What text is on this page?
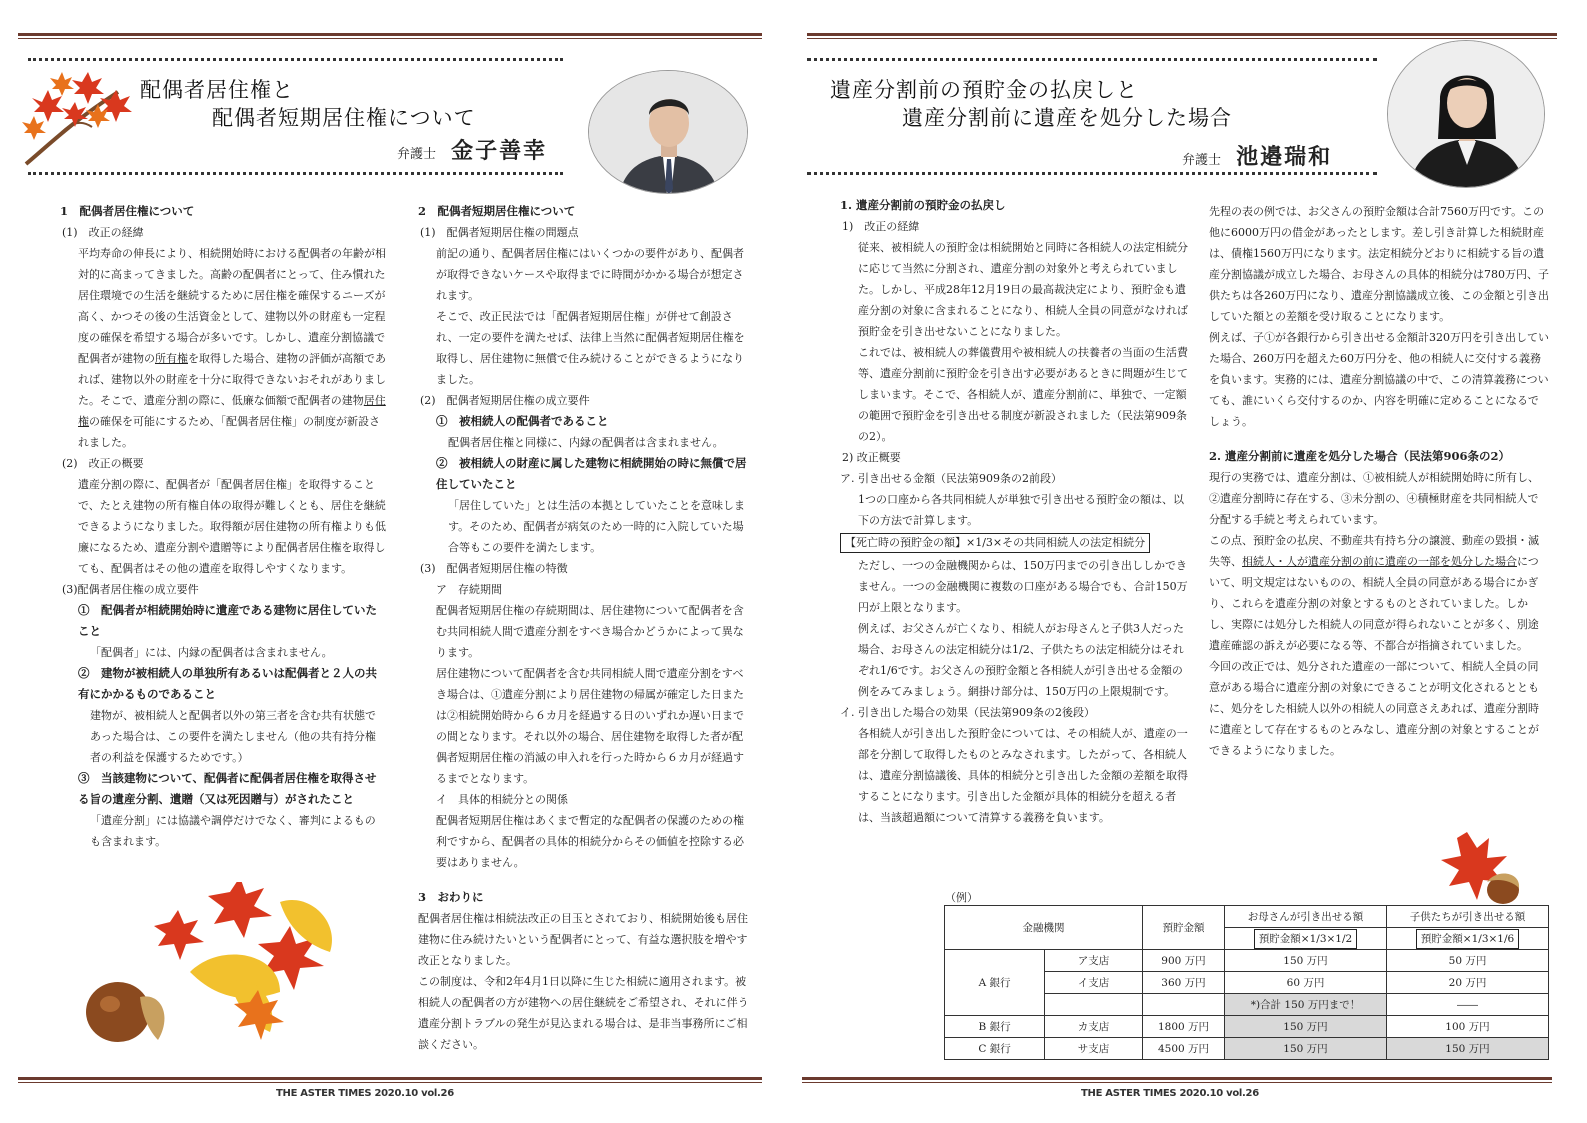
配偶者居住権と
配偶者短期居住権について
弁護士 金子善幸

1　配偶者居住権について

(1)　改正の経緯

平均寿命の伸長により、相続開始時における配偶者の年齢が相対的に高まってきました。高齢の配偶者にとって、住み慣れた居住環境での生活を継続するために居住権を確保するニーズが高く、かつその後の生活資金として、建物以外の財産も一定程度の確保を希望する場合が多いです。しかし、遺産分割協議で配偶者が建物の所有権を取得した場合、建物の評価が高額であれば、建物以外の財産を十分に取得できないおそれがありました。そこで、遺産分割の際に、低廉な価額で配偶者の建物居住権の確保を可能にするため、「配偶者居住権」の制度が新設されました。

(2)　改正の概要

遺産分割の際に、配偶者が「配偶者居住権」を取得することで、たとえ建物の所有権自体の取得が難しくとも、居住を継続できるようになりました。取得額が居住建物の所有権よりも低廉になるため、遺産分割や遺贈等により配偶者居住権を取得しても、配偶者はその他の遺産を取得しやすくなります。

(3)配偶者居住権の成立要件

①　配偶者が相続開始時に遺産である建物に居住していたこと

「配偶者」には、内縁の配偶者は含まれません。

②　建物が被相続人の単独所有あるいは配偶者と２人の共有にかかるものであること

建物が、被相続人と配偶者以外の第三者を含む共有状態であった場合は、この要件を満たしません（他の共有持分権者の利益を保護するためです。）

③　当該建物について、配偶者に配偶者居住権を取得させる旨の遺産分割、遺贈（又は死因贈与）がされたこと

「遺産分割」には協議や調停だけでなく、審判によるものも含まれます。

2　配偶者短期居住権について

(1)　配偶者短期居住権の問題点

前記の通り、配偶者居住権にはいくつかの要件があり、配偶者が取得できないケースや取得までに時間がかかる場合が想定されます。

そこで、改正民法では「配偶者短期居住権」が併せて創設され、一定の要件を満たせば、法律上当然に配偶者短期居住権を取得し、居住建物に無償で住み続けることができるようになりました。

(2)　配偶者短期居住権の成立要件

①　被相続人の配偶者であること

配偶者居住権と同様に、内縁の配偶者は含まれません。

②　被相続人の財産に属した建物に相続開始の時に無償で居住していたこと

「居住していた」とは生活の本拠としていたことを意味します。そのため、配偶者が病気のため一時的に入院していた場合等もこの要件を満たします。

(3)　配偶者短期居住権の特徴

ア　存続期間

配偶者短期居住権の存続期間は、居住建物について配偶者を含む共同相続人間で遺産分割をすべき場合かどうかによって異なります。

居住建物について配偶者を含む共同相続人間で遺産分割をすべき場合は、①遺産分割により居住建物の帰属が確定した日または②相続開始時から６カ月を経過する日のいずれか遅い日までの間となります。それ以外の場合、居住建物を取得した者が配偶者短期居住権の消滅の申入れを行った時から６カ月が経過するまでとなります。

イ　具体的相続分との関係

配偶者短期居住権はあくまで暫定的な配偶者の保護のための権利ですから、配偶者の具体的相続分からその価値を控除する必要はありません。

3　おわりに

配偶者居住権は相続法改正の目玉とされており、相続開始後も居住建物に住み続けたいという配偶者にとって、有益な選択肢を増やす改正となりました。

この制度は、令和2年4月1日以降に生じた相続に適用されます。被相続人の配偶者の方が建物への居住継続をご希望され、それに伴う遺産分割トラブルの発生が見込まれる場合は、是非当事務所にご相談ください。

THE ASTER TIMES 2020.10 vol.26
遺産分割前の預貯金の払戻しと
遺産分割前に遺産を処分した場合
弁護士 池邉瑞和

1. 遺産分割前の預貯金の払戻し

1)　改正の経緯

従来、被相続人の預貯金は相続開始と同時に各相続人の法定相続分に応じて当然に分割され、遺産分割の対象外と考えられていました。しかし、平成28年12月19日の最高裁決定により、預貯金も遺産分割の対象に含まれることになり、相続人全員の同意がなければ預貯金を引き出せないことになりました。

これでは、被相続人の葬儀費用や被相続人の扶養者の当面の生活費等、遺産分割前に預貯金を引き出す必要があるときに問題が生じてしまいます。そこで、各相続人が、遺産分割前に、単独で、一定額の範囲で預貯金を引き出せる制度が新設されました（民法第909条の2）。

2) 改正概要

ア. 引き出せる金額（民法第909条の2前段）

1つの口座から各共同相続人が単独で引き出せる預貯金の額は、以下の方法で計算します。

【死亡時の預貯金の額】×1/3×その共同相続人の法定相続分

ただし、一つの金融機関からは、150万円までの引き出ししかできません。一つの金融機関に複数の口座がある場合でも、合計150万円が上限となります。

例えば、お父さんが亡くなり、相続人がお母さんと子供3人だった場合、お母さんの法定相続分は1/2、子供たちの法定相続分はそれぞれ1/6です。お父さんの預貯金額と各相続人が引き出せる金額の例をみてみましょう。網掛け部分は、150万円の上限規制です。

イ. 引き出した場合の効果（民法第909条の2後段）

各相続人が引き出した預貯金については、その相続人が、遺産の一部を分割して取得したものとみなされます。したがって、各相続人は、遺産分割協議後、具体的相続分と引き出した金額の差額を取得することになります。引き出した金額が具体的相続分を超える者は、当該超過額について清算する義務を負います。

先程の表の例では、お父さんの預貯金額は合計7560万円です。この他に6000万円の借金があったとします。差し引き計算した相続財産は、債権1560万円になります。法定相続分どおりに相続する旨の遺産分割協議が成立した場合、お母さんの具体的相続分は780万円、子供たちは各260万円になり、遺産分割協議成立後、この金額と引き出していた額との差額を受け取ることになります。

例えば、子①が各銀行から引き出せる金額計320万円を引き出していた場合、260万円を超えた60万円分を、他の相続人に交付する義務を負います。実務的には、遺産分割協議の中で、この清算義務についても、誰にいくら交付するのか、内容を明確に定めることになるでしょう。

2. 遺産分割前に遺産を処分した場合（民法第906条の2）

現行の実務では、遺産分割は、①被相続人が相続開始時に所有し、②遺産分割時に存在する、③未分割の、④積極財産を共同相続人で分配する手続と考えられています。

この点、預貯金の払戻、不動産共有持ち分の譲渡、動産の毀損・滅失等、相続人・人が遺産分割の前に遺産の一部を処分した場合について、明文規定はないものの、相続人全員の同意がある場合にかぎり、これらを遺産分割の対象とするものとされていました。しかし、実際には処分した相続人の同意が得られないことが多く、別途遺産確認の訴えが必要になる等、不都合が指摘されていました。

今回の改正では、処分された遺産の一部について、相続人全員の同意がある場合に遺産分割の対象にできることが明文化されるとともに、処分をした相続人以外の相続人の同意さえあれば、遺産分割時に遺産として存在するものとみなし、遺産分割の対象とすることができるようになりました。

（例）
金融機関		預貯金額	お母さんが引き出せる額	子供たちが引き出せる額
			預貯金額×1/3×1/2	預貯金額×1/3×1/6
A 銀行	ア支店	900 万円	150 万円	50 万円
	イ支店	360 万円	60 万円	20 万円
			*)合計 150 万円まで！	――
B 銀行	カ支店	1800 万円	150 万円	100 万円
C 銀行	サ支店	4500 万円	150 万円	150 万円
THE ASTER TIMES 2020.10 vol.26
